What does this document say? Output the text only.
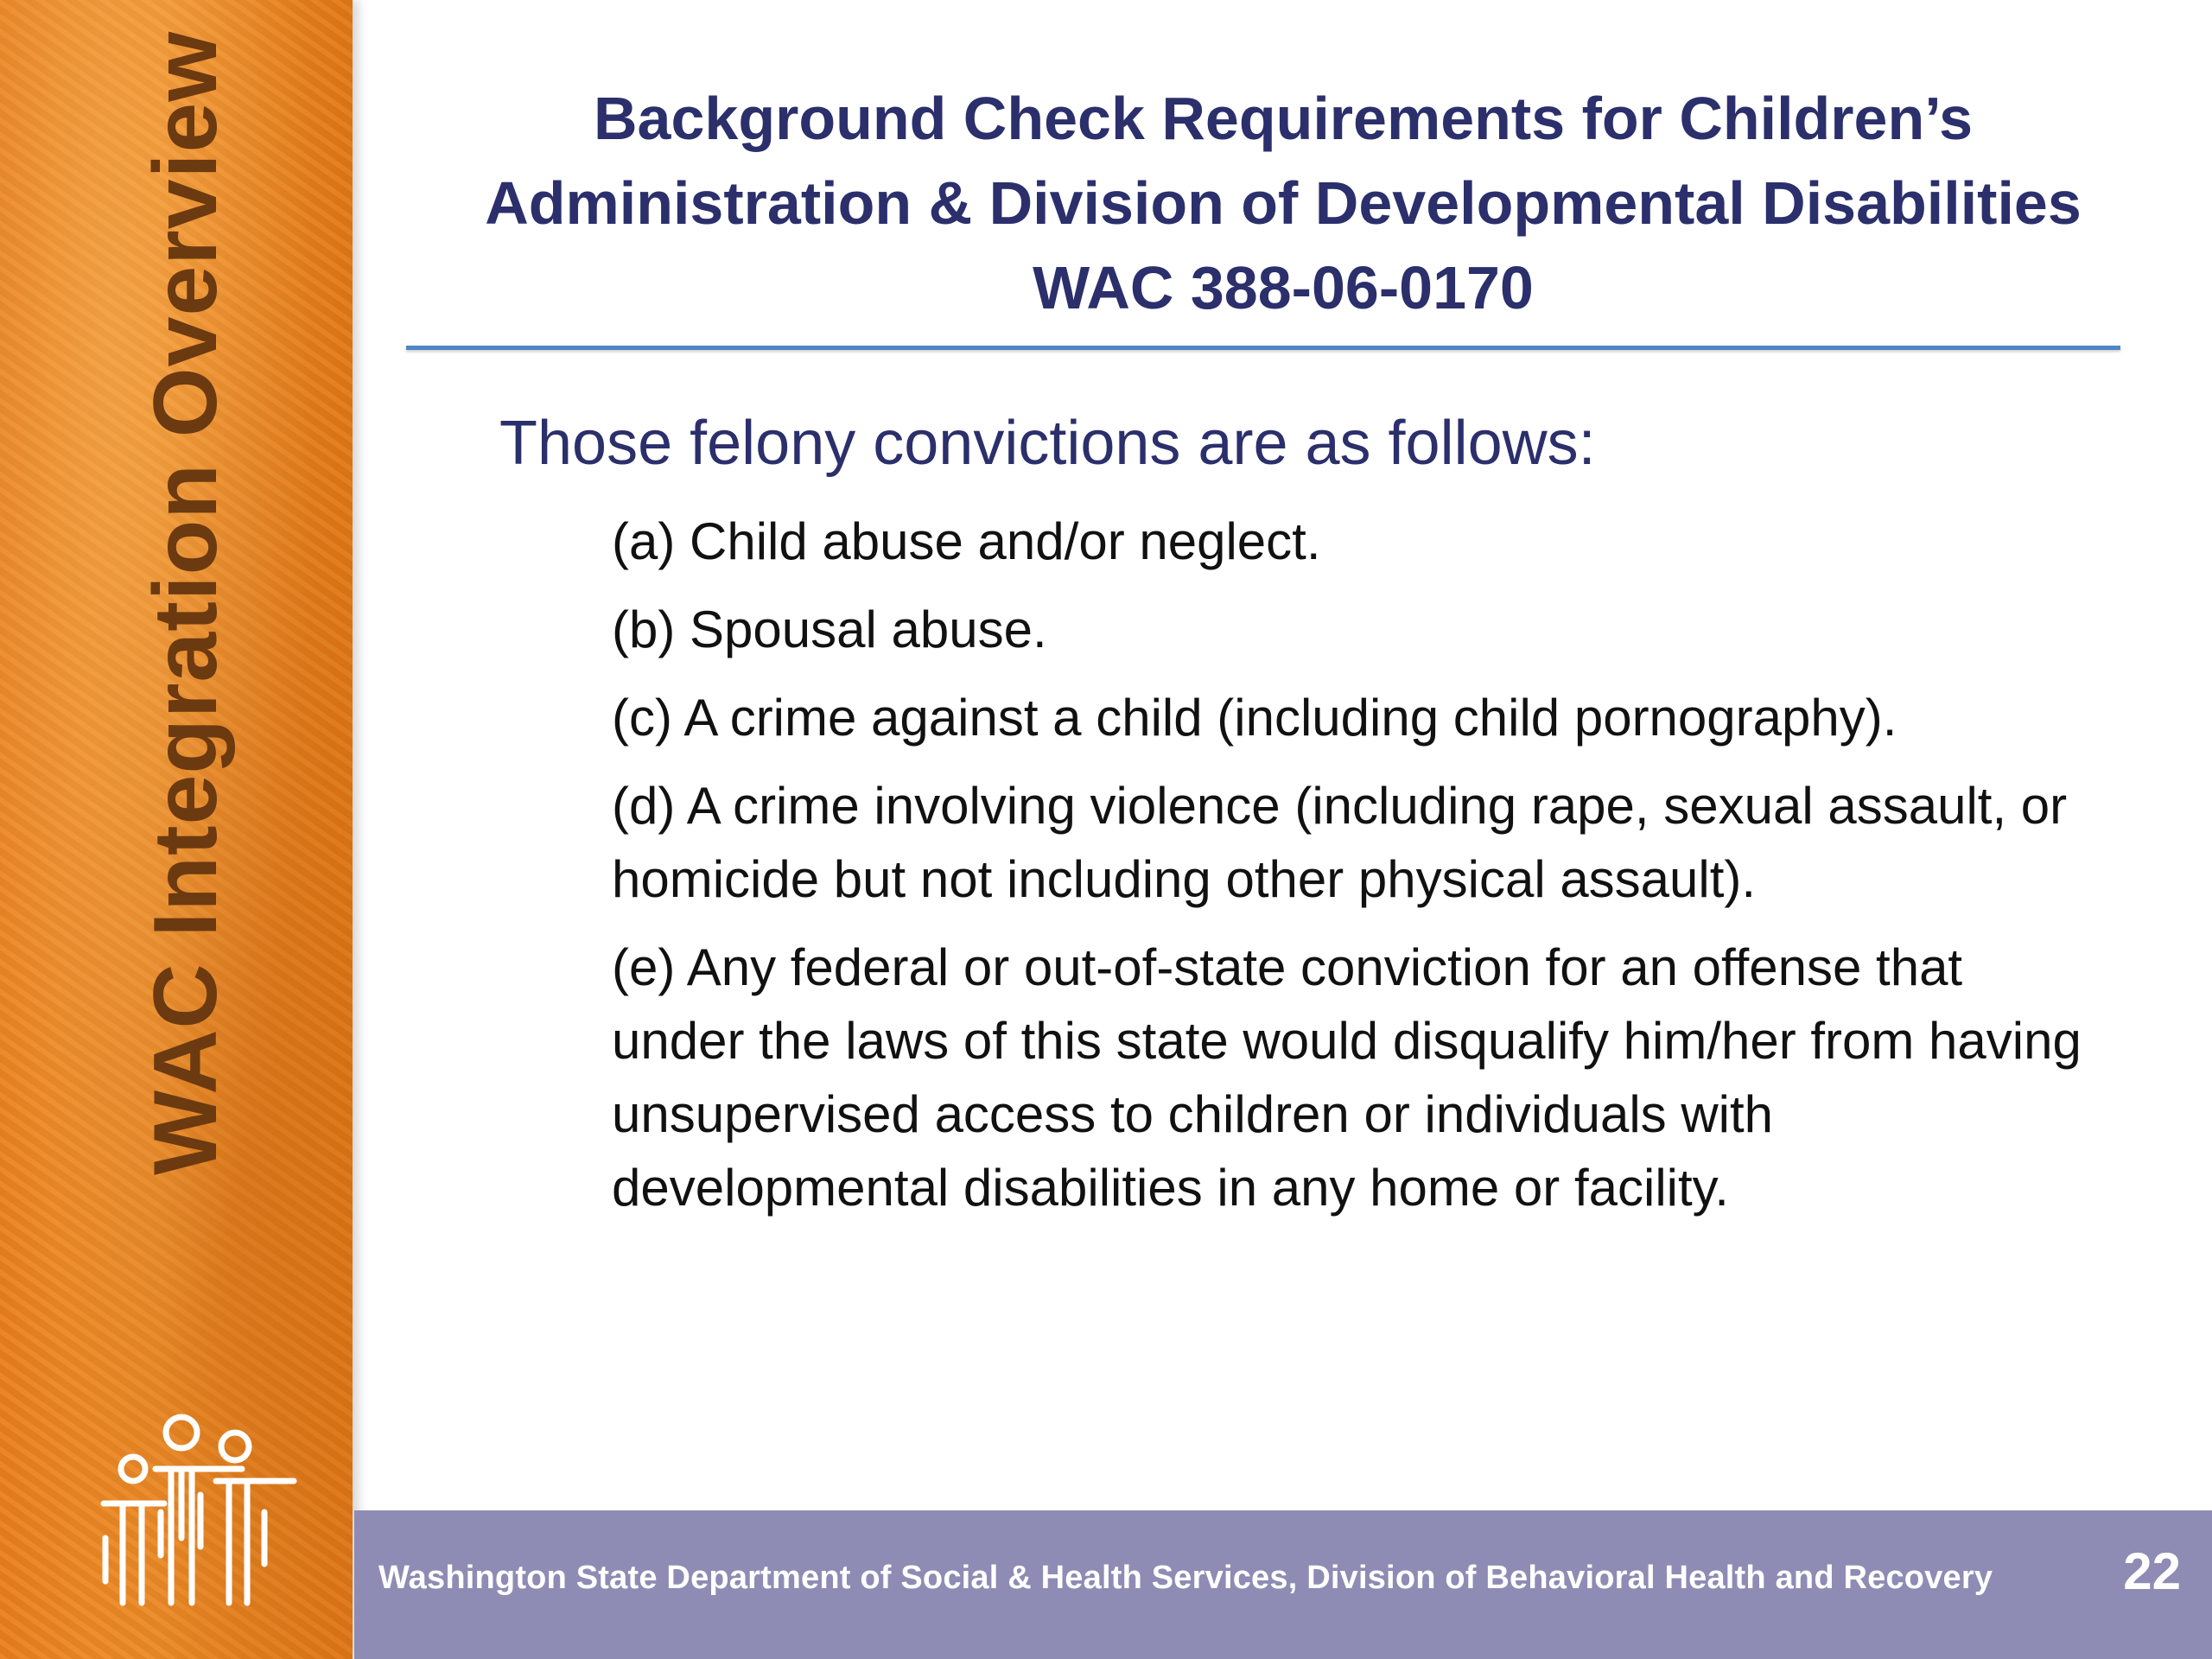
WAC Integration Overview	Background Check Requirements for Children’s
Administration & Division of Developmental Disabilities
WAC 388-06-0170
Those felony convictions are as follows:
(a) Child abuse and/or neglect.
(b) Spousal abuse.
(c) A crime against a child (including child pornography).
(d) A crime involving violence (including rape, sexual assault, or homicide but not including other physical assault).
(e) Any federal or out-of-state conviction for an offense that under the laws of this state would disqualify him/her from having unsupervised access to children or individuals with developmental disabilities in any home or facility.
Washington State Department of Social & Health Services, Division of Behavioral Health and Recovery	22
